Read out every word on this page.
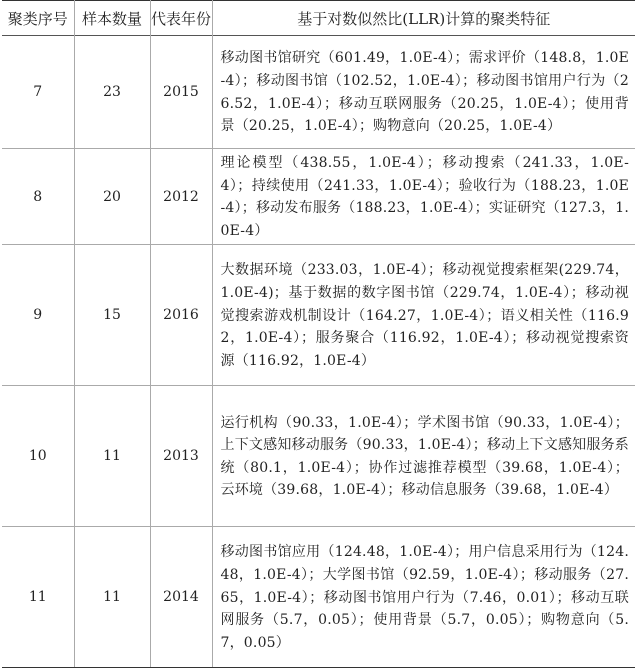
聚类序号	样本数量	代表年份	基于对数似然比(LLR)计算的聚类特征
7	23	2015	移动图书馆研究（601.49，1.0E-4）；需求评价（148.8，1.0E-4）；移动图书馆（102.52，1.0E-4）；移动图书馆用户行为（26.52，1.0E-4）；移动互联网服务（20.25，1.0E-4）；使用背景（20.25，1.0E-4）；购物意向（20.25，1.0E-4）
8	20	2012	理论模型（438.55，1.0E-4）；移动搜索（241.33，1.0E-4）；持续使用（241.33，1.0E-4）；验收行为（188.23，1.0E-4）；移动发布服务（188.23，1.0E-4）；实证研究（127.3，1.0E-4）
9	15	2016	大数据环境（233.03，1.0E-4）；移动视觉搜索框架(229.74，1.0E-4)；基于数据的数字图书馆（229.74，1.0E-4）；移动视觉搜索游戏机制设计（164.27，1.0E-4）；语义相关性（116.92，1.0E-4）；服务聚合（116.92，1.0E-4）；移动视觉搜索资源（116.92，1.0E-4）
10	11	2013	运行机构（90.33，1.0E-4）；学术图书馆（90.33，1.0E-4）；上下文感知移动服务（90.33，1.0E-4）；移动上下文感知服务系统（80.1，1.0E-4）；协作过滤推荐模型（39.68，1.0E-4）；云环境（39.68，1.0E-4）；移动信息服务（39.68，1.0E-4）
11	11	2014	移动图书馆应用（124.48，1.0E-4）；用户信息采用行为（124.48，1.0E-4）；大学图书馆（92.59，1.0E-4）；移动服务（27.65，1.0E-4）；移动图书馆用户行为（7.46，0.01）；移动互联网服务（5.7，0.05）；使用背景（5.7，0.05）；购物意向（5.7，0.05）
